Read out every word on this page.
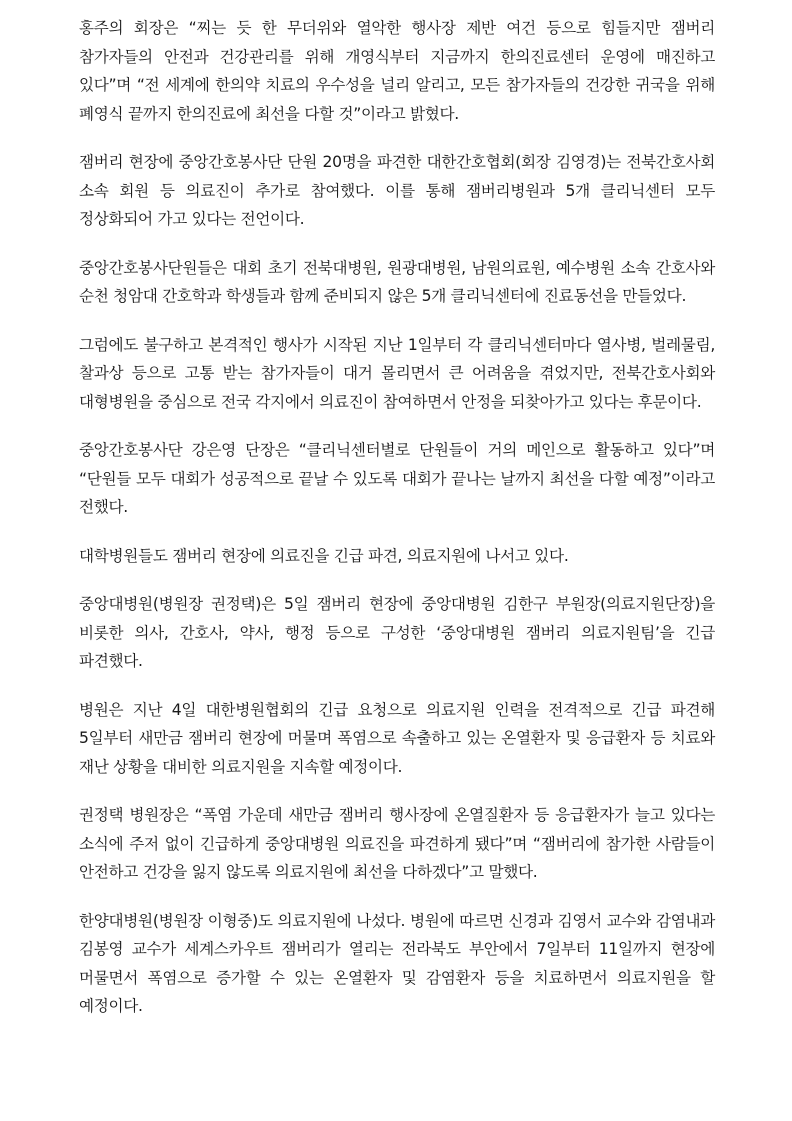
홍주의 회장은 “찌는 듯 한 무더위와 열악한 행사장 제반 여건 등으로 힘들지만 잼버리 참가자들의 안전과 건강관리를 위해 개영식부터 지금까지 한의진료센터 운영에 매진하고 있다”며 “전 세계에 한의약 치료의 우수성을 널리 알리고, 모든 참가자들의 건강한 귀국을 위해 폐영식 끝까지 한의진료에 최선을 다할 것”이라고 밝혔다.

잼버리 현장에 중앙간호봉사단 단원 20명을 파견한 대한간호협회(회장 김영경)는 전북간호사회 소속 회원 등 의료진이 추가로 참여했다. 이를 통해 잼버리병원과 5개 클리닉센터 모두 정상화되어 가고 있다는 전언이다.

중앙간호봉사단원들은 대회 초기 전북대병원, 원광대병원, 남원의료원, 예수병원 소속 간호사와 순천 청암대 간호학과 학생들과 함께 준비되지 않은 5개 클리닉센터에 진료동선을 만들었다.

그럼에도 불구하고 본격적인 행사가 시작된 지난 1일부터 각 클리닉센터마다 열사병, 벌레물림, 찰과상 등으로 고통 받는 참가자들이 대거 몰리면서 큰 어려움을 겪었지만, 전북간호사회와 대형병원을 중심으로 전국 각지에서 의료진이 참여하면서 안정을 되찾아가고 있다는 후문이다.

중앙간호봉사단 강은영 단장은 “클리닉센터별로 단원들이 거의 메인으로 활동하고 있다”며 “단원들 모두 대회가 성공적으로 끝날 수 있도록 대회가 끝나는 날까지 최선을 다할 예정”이라고 전했다.

대학병원들도 잼버리 현장에 의료진을 긴급 파견, 의료지원에 나서고 있다.

중앙대병원(병원장 권정택)은 5일 잼버리 현장에 중앙대병원 김한구 부원장(의료지원단장)을 비롯한 의사, 간호사, 약사, 행정 등으로 구성한 ‘중앙대병원 잼버리 의료지원팀’을 긴급 파견했다.

병원은 지난 4일 대한병원협회의 긴급 요청으로 의료지원 인력을 전격적으로 긴급 파견해 5일부터 새만금 잼버리 현장에 머물며 폭염으로 속출하고 있는 온열환자 및 응급환자 등 치료와 재난 상황을 대비한 의료지원을 지속할 예정이다.

권정택 병원장은 “폭염 가운데 새만금 잼버리 행사장에 온열질환자 등 응급환자가 늘고 있다는 소식에 주저 없이 긴급하게 중앙대병원 의료진을 파견하게 됐다”며 “잼버리에 참가한 사람들이 안전하고 건강을 잃지 않도록 의료지원에 최선을 다하겠다”고 말했다.

한양대병원(병원장 이형중)도 의료지원에 나섰다. 병원에 따르면 신경과 김영서 교수와 감염내과 김봉영 교수가 세계스카우트 잼버리가 열리는 전라북도 부안에서 7일부터 11일까지 현장에 머물면서 폭염으로 증가할 수 있는 온열환자 및 감염환자 등을 치료하면서 의료지원을 할 예정이다.
